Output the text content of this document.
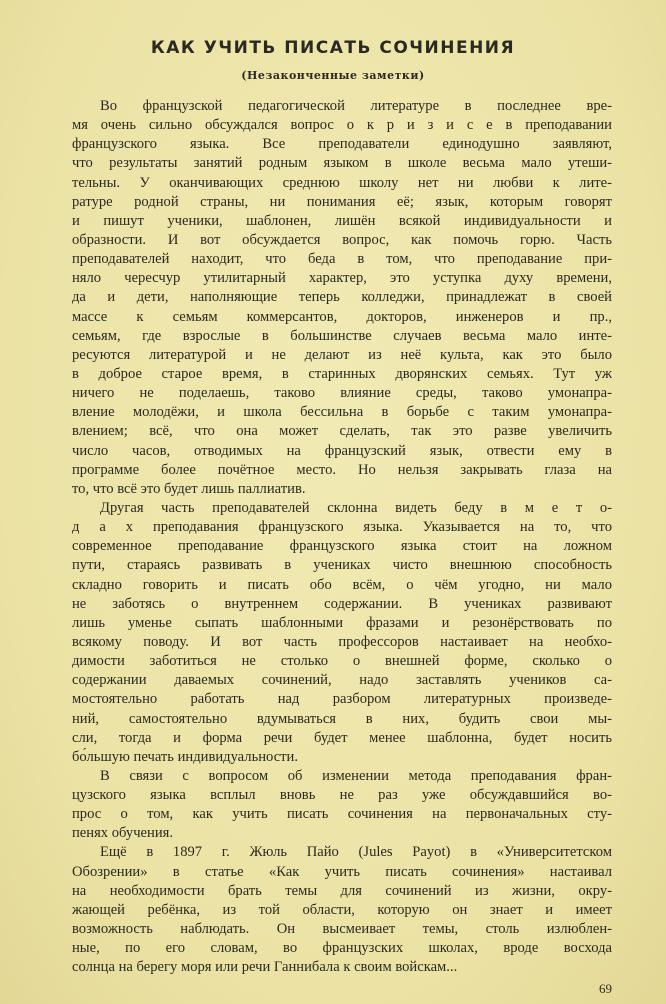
КАК УЧИТЬ ПИСАТЬ СОЧИНЕНИЯ
(Незаконченные заметки)
Во французской педагогической литературе в последнее вре-
мя очень сильно обсуждался вопрос о к р и з и с е в преподавании
французского языка. Все преподаватели единодушно заявляют,
что результаты занятий родным языком в школе весьма мало утеши-
тельны. У оканчивающих среднюю школу нет ни любви к лите-
ратуре родной страны, ни понимания её; язык, которым говорят
и пишут ученики, шаблонен, лишён всякой индивидуальности и
образности. И вот обсуждается вопрос, как помочь горю. Часть
преподавателей находит, что беда в том, что преподавание при-
няло чересчур утилитарный характер, это уступка духу времени,
да и дети, наполняющие теперь колледжи, принадлежат в своей
массе к семьям коммерсантов, докторов, инженеров и пр.,
семьям, где взрослые в большинстве случаев весьма мало инте-
ресуются литературой и не делают из неё культа, как это было
в доброе старое время, в старинных дворянских семьях. Тут уж
ничего не поделаешь, таково влияние среды, таково умонапра-
вление молодёжи, и школа бессильна в борьбе с таким умонапра-
влением; всё, что она может сделать, так это разве увеличить
число часов, отводимых на французский язык, отвести ему в
программе более почётное место. Но нельзя закрывать глаза на
то, что всё это будет лишь паллиатив.
Другая часть преподавателей склонна видеть беду в м е т о-
д а х преподавания французского языка. Указывается на то, что
современное преподавание французского языка стоит на ложном
пути, стараясь развивать в учениках чисто внешнюю способность
складно говорить и писать обо всём, о чём угодно, ни мало
не заботясь о внутреннем содержании. В учениках развивают
лишь уменье сыпать шаблонными фразами и резонёрствовать по
всякому поводу. И вот часть профессоров настаивает на необхо-
димости заботиться не столько о внешней форме, сколько о
содержании даваемых сочинений, надо заставлять учеников са-
мостоятельно работать над разбором литературных произведе-
ний, самостоятельно вдумываться в них, будить свои мы-
сли, тогда и форма речи будет менее шаблонна, будет носить
бо́льшую печать индивидуальности.
В связи с вопросом об изменении метода преподавания фран-
цузского языка всплыл вновь не раз уже обсуждавшийся во-
прос о том, как учить писать сочинения на первоначальных сту-
пенях обучения.
Ещё в 1897 г. Жюль Пайо (Jules Payot) в «Университетском
Обозрении» в статье «Как учить писать сочинения» настаивал
на необходимости брать темы для сочинений из жизни, окру-
жающей ребёнка, из той области, которую он знает и имеет
возможность наблюдать. Он высмеивает темы, столь излюблен-
ные, по его словам, во французских школах, вроде восхода
солнца на берегу моря или речи Ганнибала к своим войскам...
69
